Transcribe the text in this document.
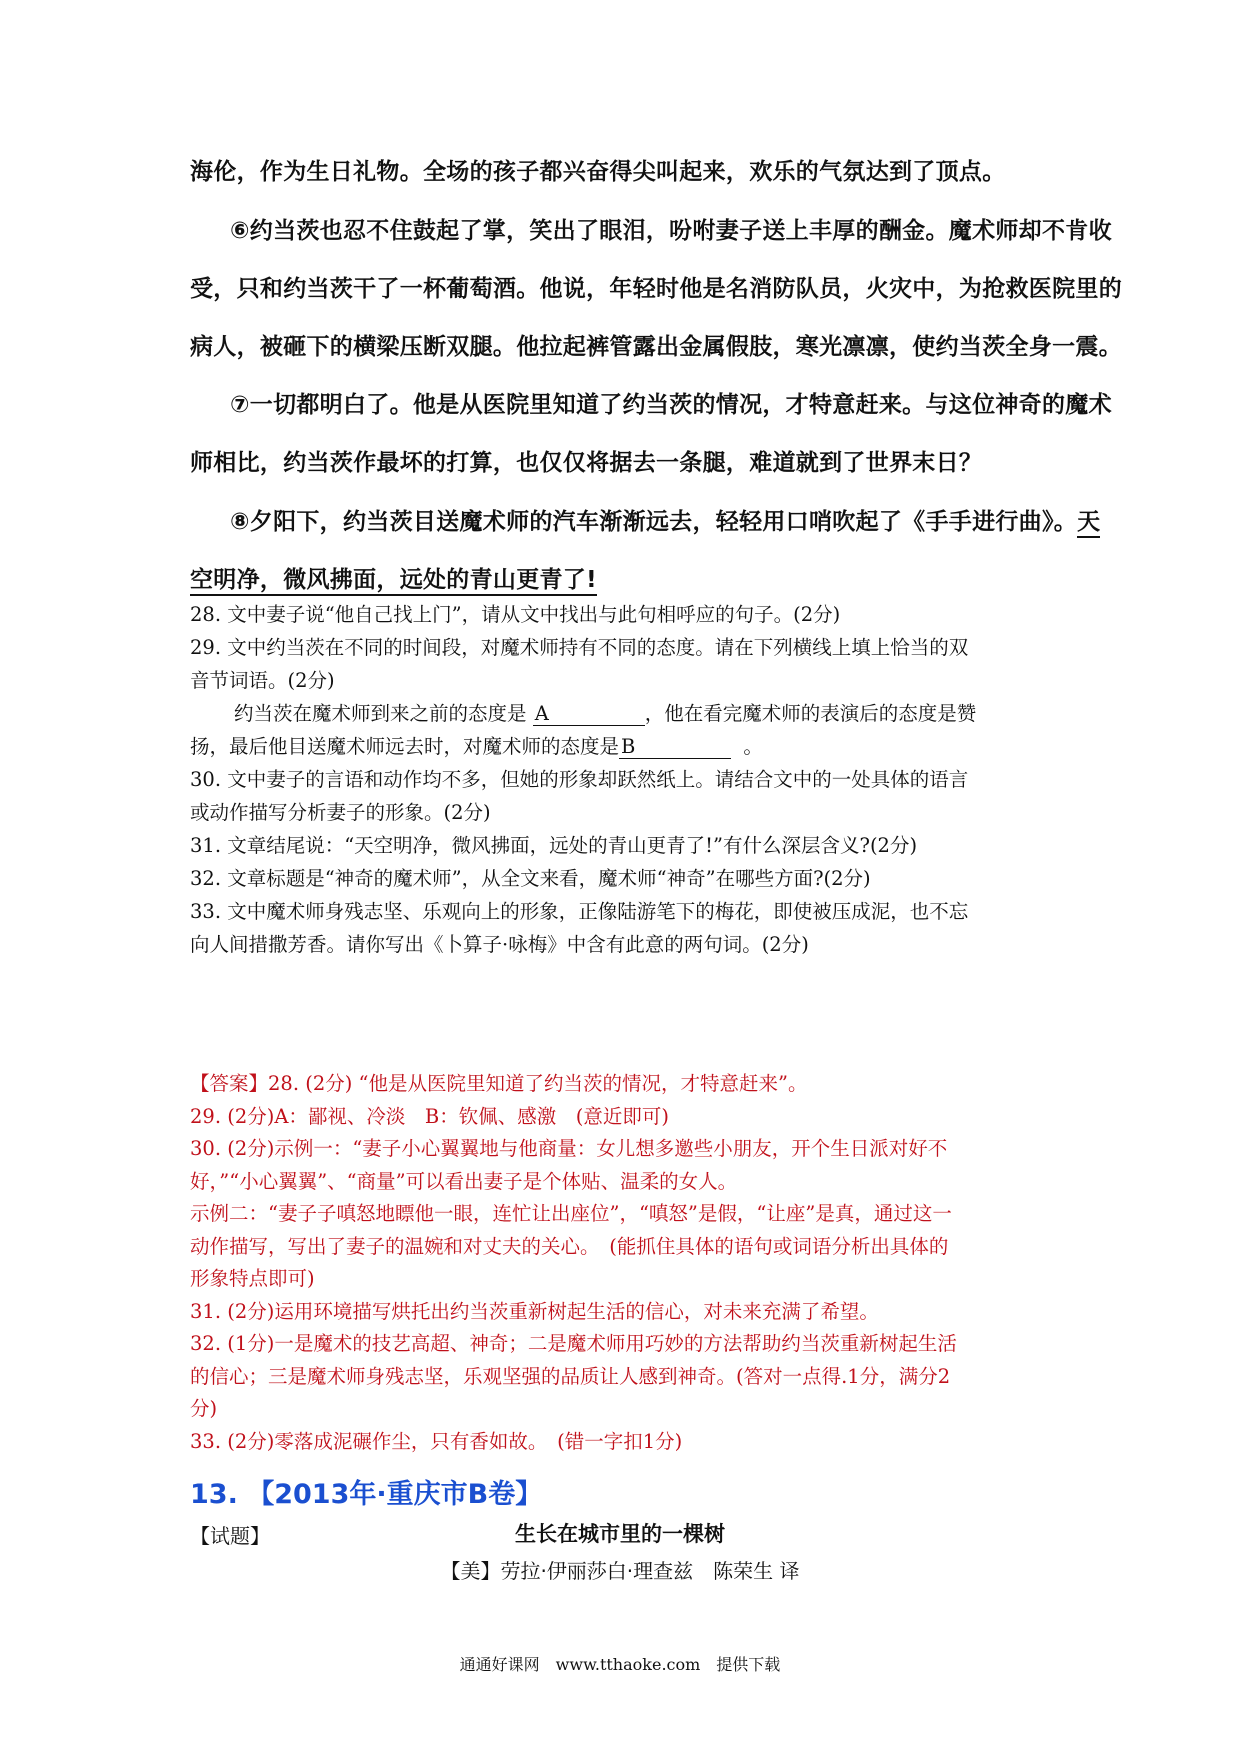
海伦，作为生日礼物。全场的孩子都兴奋得尖叫起来，欢乐的气氛达到了顶点。
⑥约当茨也忍不住鼓起了掌，笑出了眼泪，吩咐妻子送上丰厚的酬金。魔术师却不肯收
受，只和约当茨干了一杯葡萄酒。他说，年轻时他是名消防队员，火灾中，为抢救医院里的
病人，被砸下的横梁压断双腿。他拉起裤管露出金属假肢，寒光凛凛，使约当茨全身一震。
⑦一切都明白了。他是从医院里知道了约当茨的情况，才特意赶来。与这位神奇的魔术
师相比，约当茨作最坏的打算，也仅仅将据去一条腿，难道就到了世界末日？
⑧夕阳下，约当茨目送魔术师的汽车渐渐远去，轻轻用口哨吹起了《手手进行曲》。天
空明净，微风拂面，远处的青山更青了!

28. 文中妻子说“他自己找上门”，请从文中找出与此句相呼应的句子。(2分)

29. 文中约当茨在不同的时间段，对魔术师持有不同的态度。请在下列横线上填上恰当的双

音节词语。(2分)

约当茨在魔术师到来之前的态度是 A	，他在看完魔术师的表演后的态度是赞

扬，最后他目送魔术师远去时，对魔术师的态度是 B	。

30. 文中妻子的言语和动作均不多，但她的形象却跃然纸上。请结合文中的一处具体的语言

或动作描写分析妻子的形象。(2分)

31. 文章结尾说：“天空明净，微风拂面，远处的青山更青了!”有什么深层含义?(2分)

32. 文章标题是“神奇的魔术师”，从全文来看，魔术师“神奇”在哪些方面?(2分)

33. 文中魔术师身残志坚、乐观向上的形象，正像陆游笔下的梅花，即使被压成泥，也不忘

向人间措撒芳香。请你写出《卜算子·咏梅》中含有此意的两句词。(2分)

【答案】28. (2分) “他是从医院里知道了约当茨的情况，才特意赶来”。

29. (2分)A：鄙视、冷淡　B：钦佩、感激　(意近即可)

30. (2分)示例一：“妻子小心翼翼地与他商量：女儿想多邀些小朋友，开个生日派对好不

好，”“小心翼翼”、“商量”可以看出妻子是个体贴、温柔的女人。

示例二：“妻子子嗔怒地瞟他一眼，连忙让出座位”，“嗔怒”是假，“让座”是真，通过这一

动作描写，写出了妻子的温婉和对丈夫的关心。　(能抓住具体的语句或词语分析出具体的

形象特点即可)

31. (2分)运用环境描写烘托出约当茨重新树起生活的信心，对未来充满了希望。

32. (1分)一是魔术的技艺高超、神奇；二是魔术师用巧妙的方法帮助约当茨重新树起生活

的信心；三是魔术师身残志坚，乐观坚强的品质让人感到神奇。(答对一点得.1分，满分2

分)

33. (2分)零落成泥碾作尘，只有香如故。　(错一字扣1分)

13. 【2013年·重庆市B卷】
【试题】	生长在城市里的一棵树
【美】劳拉·伊丽莎白·理查兹　陈荣生 译
通通好课网　www.tthaoke.com　提供下载
